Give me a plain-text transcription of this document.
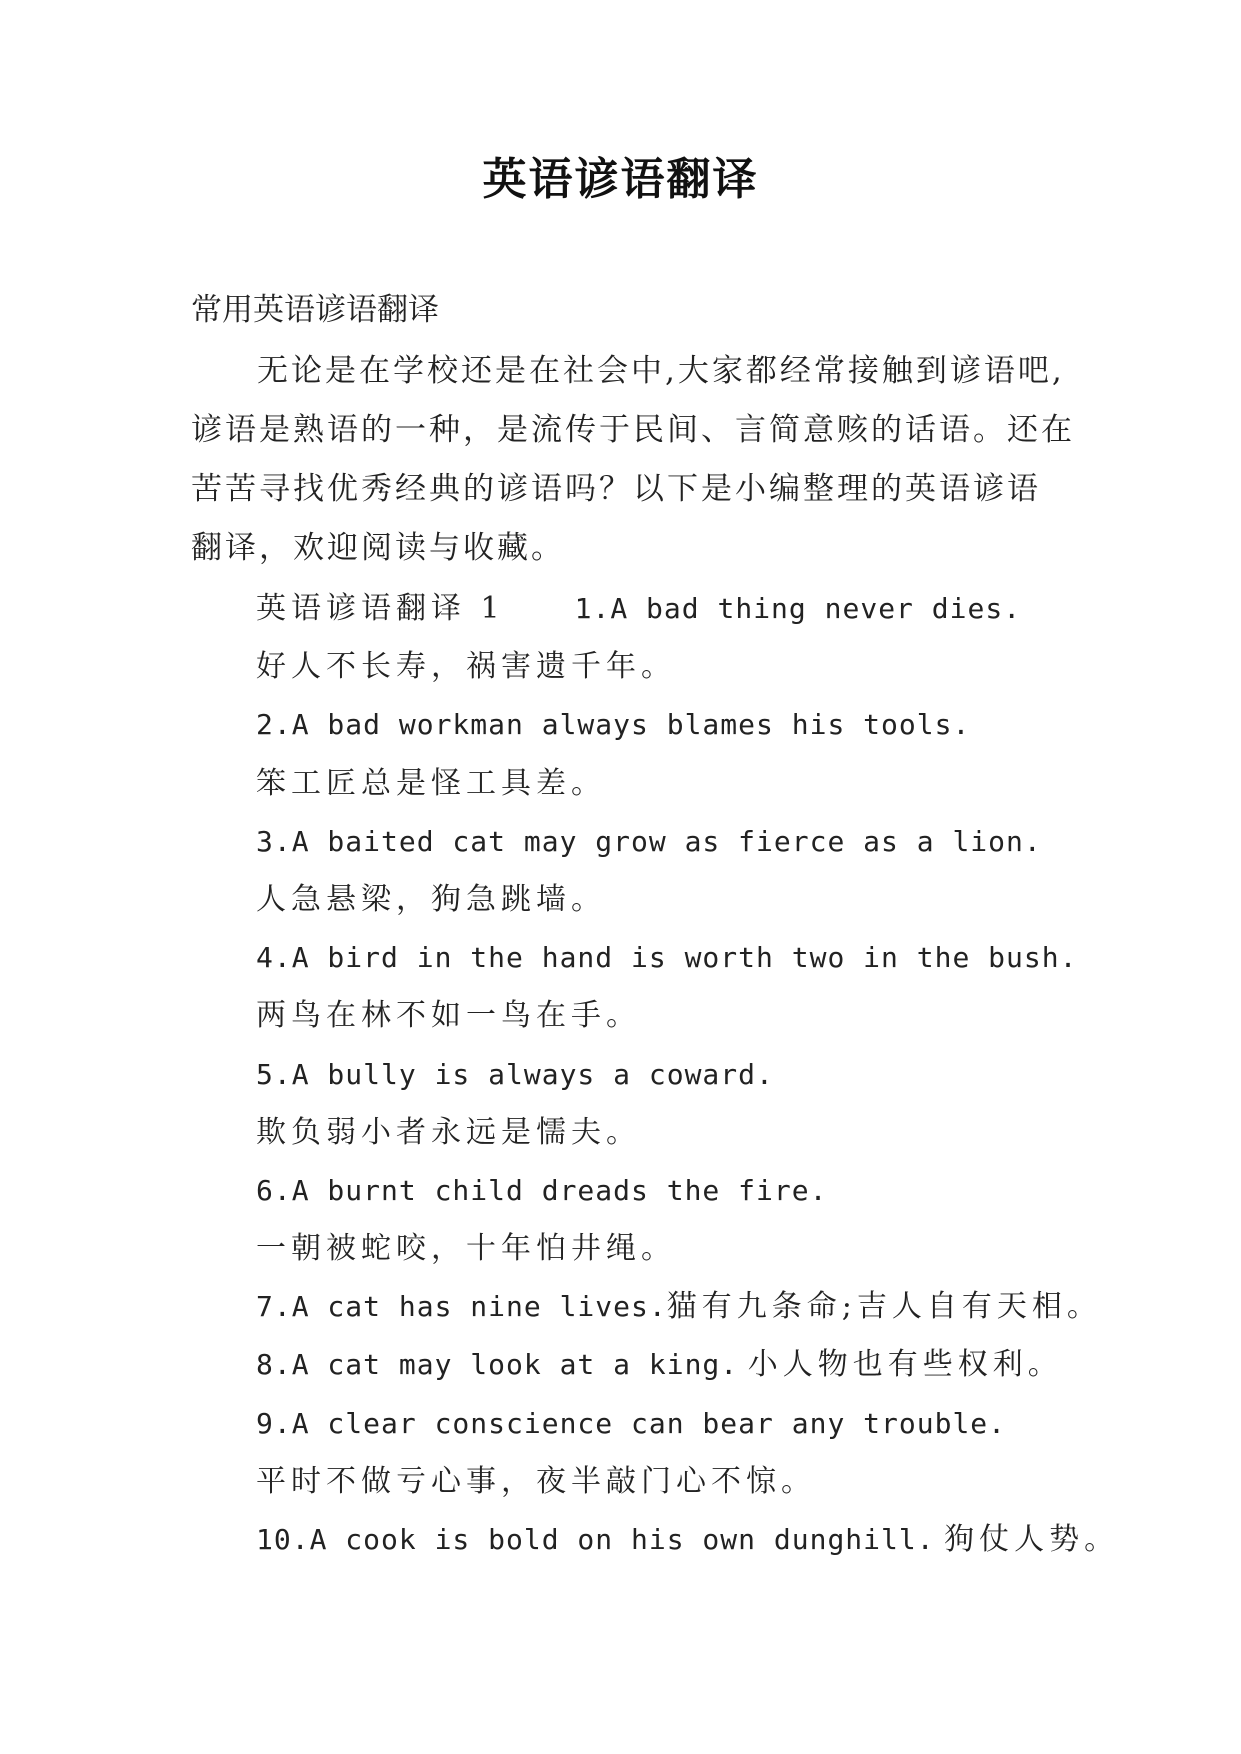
英语谚语翻译
常用英语谚语翻译
无论是在学校还是在社会中,大家都经常接触到谚语吧,
谚语是熟语的一种，是流传于民间、言简意赅的话语。还在
苦苦寻找优秀经典的谚语吗？以下是小编整理的英语谚语
翻译，欢迎阅读与收藏。
英语谚语翻译 1	1.A bad thing never dies.
好人不长寿，祸害遗千年。
2.A bad workman always blames his tools.
笨工匠总是怪工具差。
3.A baited cat may grow as fierce as a lion.
人急悬梁，狗急跳墙。
4.A bird in the hand is worth two in the bush.
两鸟在林不如一鸟在手。
5.A bully is always a coward.
欺负弱小者永远是懦夫。
6.A burnt child dreads the fire.
一朝被蛇咬，十年怕井绳。
7.A cat has nine lives.猫有九条命;吉人自有天相。
8.A cat may look at a king. 小人物也有些权利。
9.A clear conscience can bear any trouble.
平时不做亏心事，夜半敲门心不惊。
10.A cook is bold on his own dunghill. 狗仗人势。
